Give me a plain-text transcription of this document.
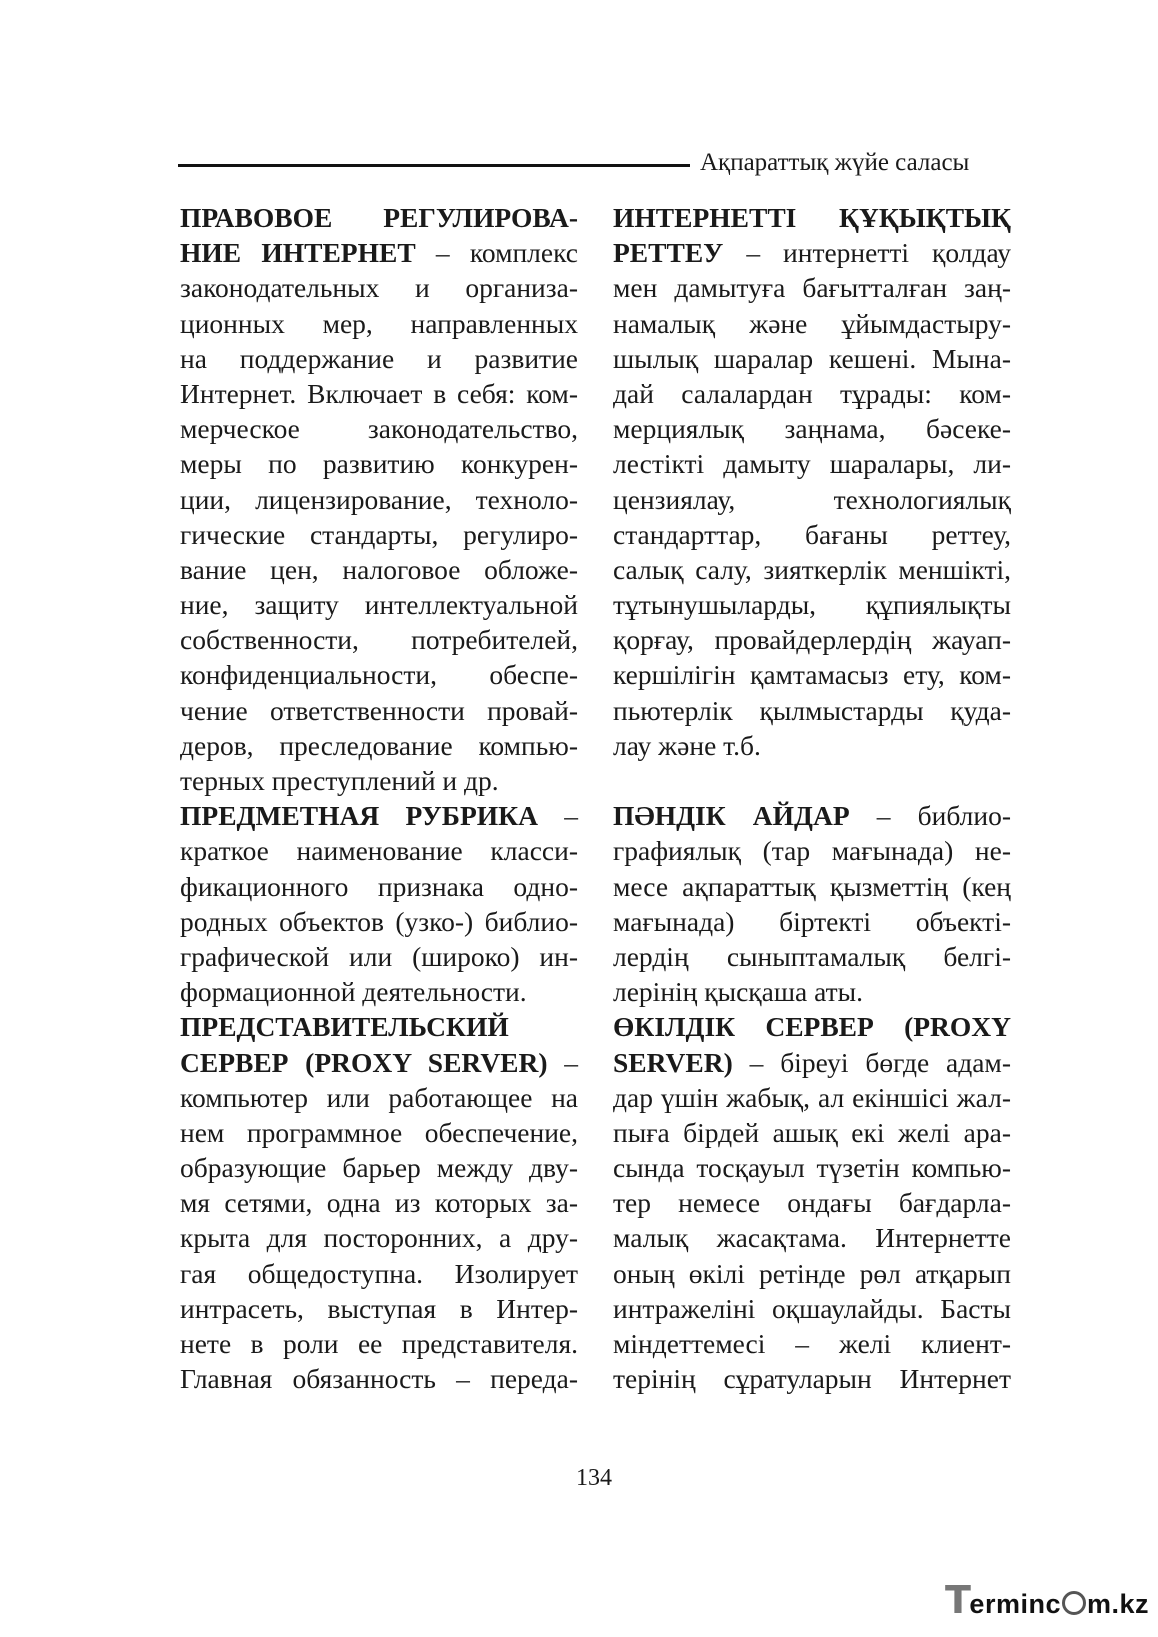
Ақпараттық жүйе саласы
ПРАВОВОЕ РЕГУЛИРОВА-
НИЕ ИНТЕРНЕТ – комплекс
законодательных и организа-
ционных мер, направленных
на поддержание и развитие
Интернет. Включает в себя: ком-
мерческое законодательство,
меры по развитию конкурен-
ции, лицензирование, техноло-
гические стандарты, регулиро-
вание цен, налоговое обложе-
ние, защиту интеллектуальной
собственности, потребителей,
конфиденциальности, обеспе-
чение ответственности провай-
деров, преследование компью-
терных преступлений и др.
ПРЕДМЕТНАЯ РУБРИКА –
краткое наименование класси-
фикационного признака одно-
родных объектов (узко-) библио-
графической или (широко) ин-
формационной деятельности.
ПРЕДСТАВИТЕЛЬСКИЙ
СЕРВЕР (PROXY SERVER) –
компьютер или работающее на
нем программное обеспечение,
образующие барьер между дву-
мя сетями, одна из которых за-
крыта для посторонних, а дру-
гая общедоступна. Изолирует
интрасеть, выступая в Интер-
нете в роли ее представителя.
Главная обязанность – переда-
ИНТЕРНЕТТІ ҚҰҚЫҚТЫҚ
РЕТТЕУ – интернетті қолдау
мен дамытуға бағытталған заң-
намалық және ұйымдастыру-
шылық шаралар кешені. Мына-
дай салалардан тұрады: ком-
мерциялық заңнама, бәсеке-
лестікті дамыту шаралары, ли-
цензиялау, технологиялық
стандарттар, бағаны реттеу,
салық салу, зияткерлік меншікті,
тұтынушыларды, құпиялықты
қорғау, провайдерлердің жауап-
кершілігін қамтамасыз ету, ком-
пьютерлік қылмыстарды қуда-
лау және т.б.
ПӘНДІК АЙДАР – библио-
графиялық (тар мағынада) не-
месе ақпараттық қызметтің (кең
мағынада) біртекті объекті-
лердің сыныптамалық белгі-
лерінің қысқаша аты.
ӨКІЛДІК СЕРВЕР (PROXY
SERVER) – біреуі бөгде адам-
дар үшін жабық, ал екіншісі жал-
пыға бірдей ашық екі желі ара-
сында тосқауыл түзетін компью-
тер немесе ондағы бағдарла-
малық жасақтама. Интернетте
оның өкілі ретінде рөл атқарып
интражеліні оқшаулайды. Басты
міндеттемесі – желі клиент-
терінің сұратуларын Интернет
134
Terminc m.kz
